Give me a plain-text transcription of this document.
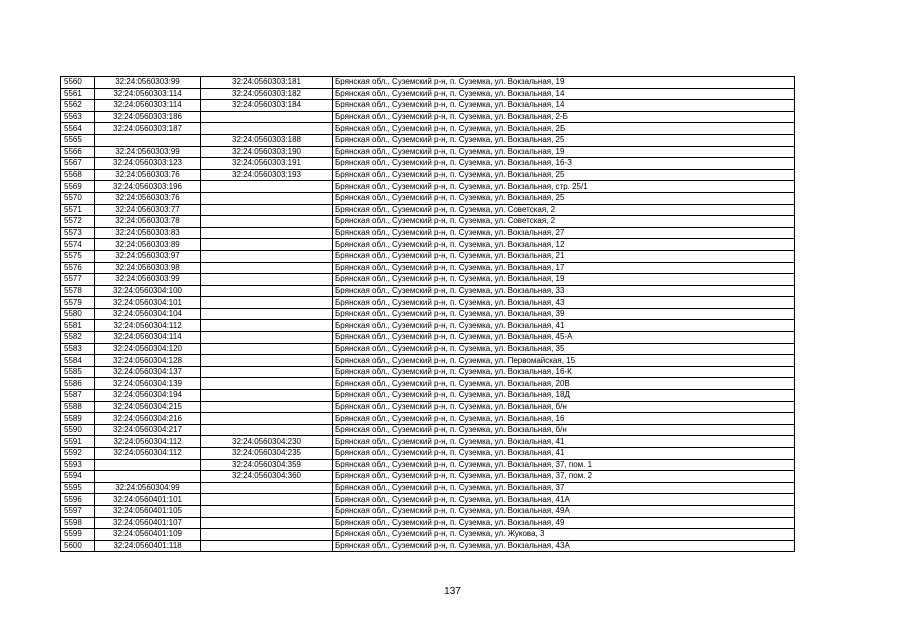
5560	32:24:0560303:99	32:24:0560303:181	Брянская обл., Суземский р-н, п. Суземка, ул. Вокзальная, 19
5561	32:24:0560303:114	32:24:0560303:182	Брянская обл., Суземский р-н, п. Суземка, ул. Вокзальная, 14
5562	32:24:0560303:114	32:24:0560303:184	Брянская обл., Суземский р-н, п. Суземка, ул. Вокзальная, 14
5563	32:24:0560303:186		Брянская обл., Суземский р-н, п. Суземка, ул. Вокзальная, 2-Б
5564	32:24:0560303:187		Брянская обл., Суземский р-н, п. Суземка, ул. Вокзальная, 2Б
5565		32:24:0560303:188	Брянская обл., Суземский р-н, п. Суземка, ул. Вокзальная, 25
5566	32:24:0560303:99	32:24:0560303:190	Брянская обл., Суземский р-н, п. Суземка, ул. Вокзальная, 19
5567	32:24:0560303:123	32:24:0560303:191	Брянская обл., Суземский р-н, п. Суземка, ул. Вокзальная, 16-З
5568	32:24:0560303:76	32:24:0560303:193	Брянская обл., Суземский р-н, п. Суземка, ул. Вокзальная, 25
5569	32:24:0560303:196		Брянская обл., Суземский р-н, п. Суземка, ул. Вокзальная, стр. 25/1
5570	32:24:0560303:76		Брянская обл., Суземский р-н, п. Суземка, ул. Вокзальная, 25
5571	32:24:0560303:77		Брянская обл., Суземский р-н, п. Суземка, ул. Советская, 2
5572	32:24:0560303:78		Брянская обл., Суземский р-н, п. Суземка, ул. Советская, 2
5573	32:24:0560303:83		Брянская обл., Суземский р-н, п. Суземка, ул. Вокзальная, 27
5574	32:24:0560303:89		Брянская обл., Суземский р-н, п. Суземка, ул. Вокзальная, 12
5575	32:24:0560303:97		Брянская обл., Суземский р-н, п. Суземка, ул. Вокзальная, 21
5576	32:24:0560303:98		Брянская обл., Суземский р-н, п. Суземка, ул. Вокзальная, 17
5577	32:24:0560303:99		Брянская обл., Суземский р-н, п. Суземка, ул. Вокзальная, 19
5578	32:24:0560304:100		Брянская обл., Суземский р-н, п. Суземка, ул. Вокзальная, 33
5579	32:24:0560304:101		Брянская обл., Суземский р-н, п. Суземка, ул. Вокзальная, 43
5580	32:24:0560304:104		Брянская обл., Суземский р-н, п. Суземка, ул. Вокзальная, 39
5581	32:24:0560304:112		Брянская обл., Суземский р-н, п. Суземка, ул. Вокзальная, 41
5582	32:24:0560304:114		Брянская обл., Суземский р-н, п. Суземка, ул. Вокзальная, 45-А
5583	32:24:0560304:120		Брянская обл., Суземский р-н, п. Суземка, ул. Вокзальная, 35
5584	32:24:0560304:128		Брянская обл., Суземский р-н, п. Суземка, ул. Первомайская, 15
5585	32:24:0560304:137		Брянская обл., Суземский р-н, п. Суземка, ул. Вокзальная, 16-К
5586	32:24:0560304:139		Брянская обл., Суземский р-н, п. Суземка, ул. Вокзальная, 20В
5587	32:24:0560304:194		Брянская обл., Суземский р-н, п. Суземка, ул. Вокзальная, 18Д
5588	32:24:0560304:215		Брянская обл., Суземский р-н, п. Суземка, ул. Вокзальная, б/н
5589	32:24:0560304:216		Брянская обл., Суземский р-н, п. Суземка, ул. Вокзальная, 16
5590	32:24:0560304:217		Брянская обл., Суземский р-н, п. Суземка, ул. Вокзальная, б/н
5591	32:24:0560304:112	32:24:0560304:230	Брянская обл., Суземский р-н, п. Суземка, ул. Вокзальная, 41
5592	32:24:0560304:112	32:24:0560304:235	Брянская обл., Суземский р-н, п. Суземка, ул. Вокзальная, 41
5593		32:24:0560304:359	Брянская обл., Суземский р-н, п. Суземка, ул. Вокзальная, 37, пом. 1
5594		32:24:0560304:360	Брянская обл., Суземский р-н, п. Суземка, ул. Вокзальная, 37, пом. 2
5595	32:24:0560304:99		Брянская обл., Суземский р-н, п. Суземка, ул. Вокзальная, 37
5596	32:24:0560401:101		Брянская обл., Суземский р-н, п. Суземка, ул. Вокзальная, 41А
5597	32:24:0560401:105		Брянская обл., Суземский р-н, п. Суземка, ул. Вокзальная, 49А
5598	32:24:0560401:107		Брянская обл., Суземский р-н, п. Суземка, ул. Вокзальная, 49
5599	32:24:0560401:109		Брянская обл., Суземский р-н, п. Суземка, ул. Жукова, 3
5600	32:24:0560401:118		Брянская обл., Суземский р-н, п. Суземка, ул. Вокзальная, 43А
137
